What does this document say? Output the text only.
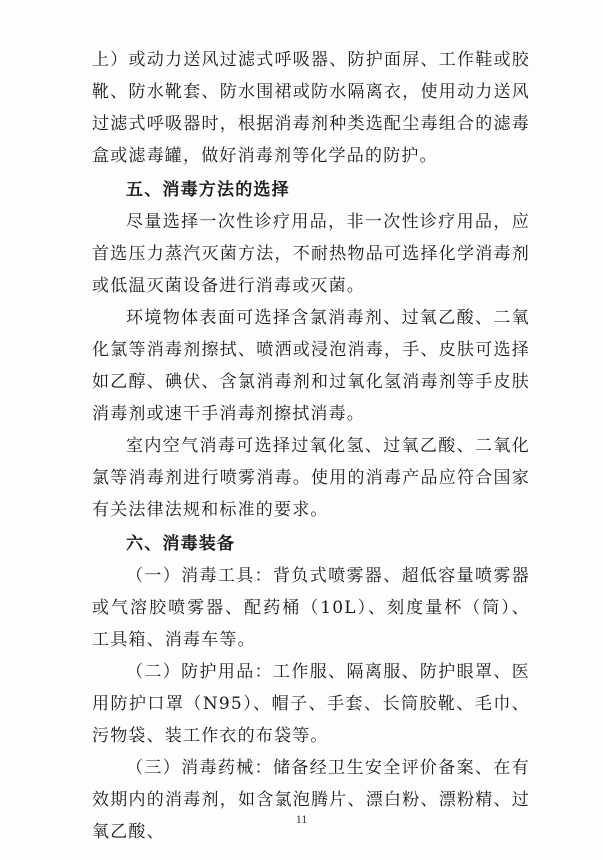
上）或动力送风过滤式呼吸器、防护面屏、工作鞋或胶靴、防水靴套、防水围裙或防水隔离衣，使用动力送风过滤式呼吸器时，根据消毒剂种类选配尘毒组合的滤毒盒或滤毒罐，做好消毒剂等化学品的防护。

五、消毒方法的选择

尽量选择一次性诊疗用品，非一次性诊疗用品，应首选压力蒸汽灭菌方法，不耐热物品可选择化学消毒剂或低温灭菌设备进行消毒或灭菌。

环境物体表面可选择含氯消毒剂、过氧乙酸、二氧化氯等消毒剂擦拭、喷洒或浸泡消毒，手、皮肤可选择如乙醇、碘伏、含氯消毒剂和过氧化氢消毒剂等手皮肤消毒剂或速干手消毒剂擦拭消毒。

室内空气消毒可选择过氧化氢、过氧乙酸、二氧化氯等消毒剂进行喷雾消毒。使用的消毒产品应符合国家有关法律法规和标准的要求。

六、消毒装备

（一）消毒工具：背负式喷雾器、超低容量喷雾器或气溶胶喷雾器、配药桶（10L）、刻度量杯（筒）、工具箱、消毒车等。

（二）防护用品：工作服、隔离服、防护眼罩、医用防护口罩（N95）、帽子、手套、长筒胶靴、毛巾、污物袋、装工作衣的布袋等。

（三）消毒药械：储备经卫生安全评价备案、在有效期内的消毒剂，如含氯泡腾片、漂白粉、漂粉精、过氧乙酸、

11
